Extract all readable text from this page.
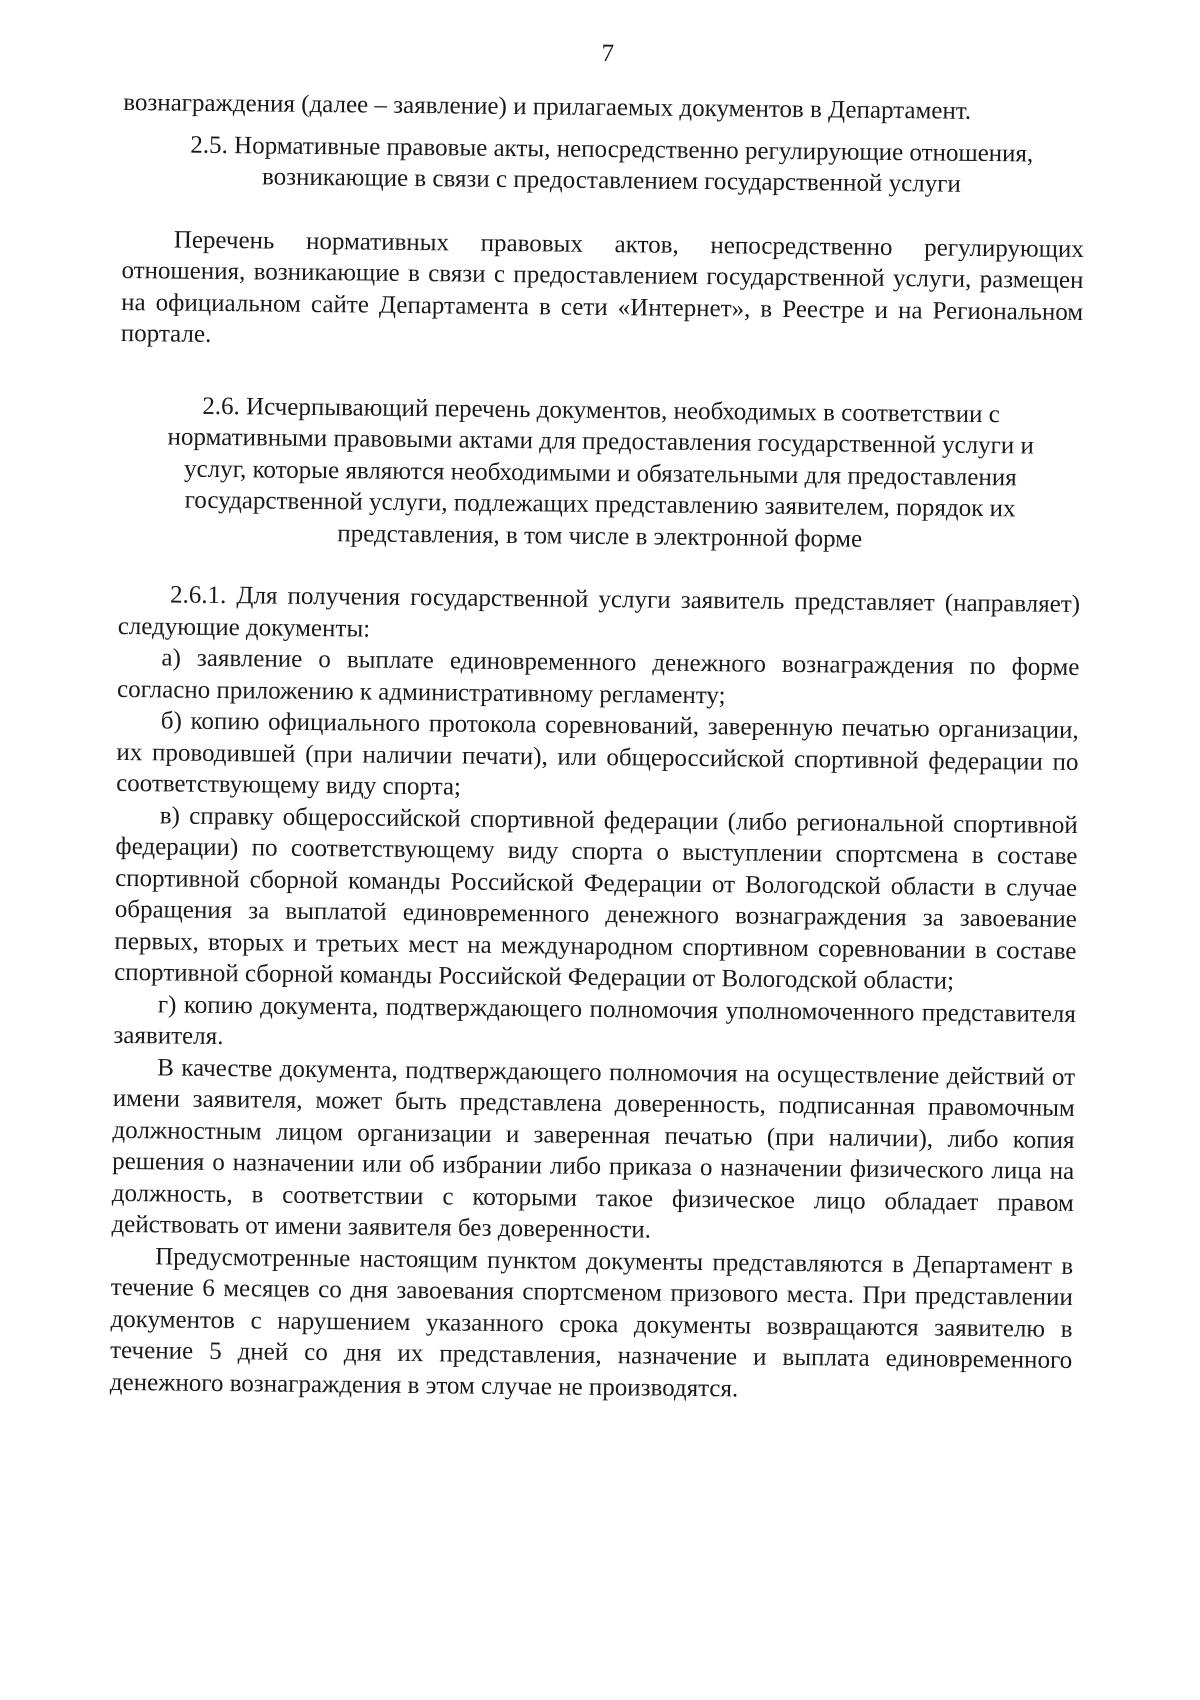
7

вознаграждения (далее – заявление) и прилагаемых документов в Департамент.

2.5. Нормативные правовые акты, непосредственно регулирующие отношения, возникающие в связи с предоставлением государственной услуги

Перечень нормативных правовых актов, непосредственно регулирующих отношения, возникающие в связи с предоставлением государственной услуги, размещен на официальном сайте Департамента в сети «Интернет», в Реестре и на Региональном портале.

2.6. Исчерпывающий перечень документов, необходимых в соответствии с нормативными правовыми актами для предоставления государственной услуги и услуг, которые являются необходимыми и обязательными для предоставления государственной услуги, подлежащих представлению заявителем, порядок их представления, в том числе в электронной форме

2.6.1. Для получения государственной услуги заявитель представляет (направляет) следующие документы:

а) заявление о выплате единовременного денежного вознаграждения по форме согласно приложению к административному регламенту;

б) копию официального протокола соревнований, заверенную печатью организации, их проводившей (при наличии печати), или общероссийской спортивной федерации по соответствующему виду спорта;

в) справку общероссийской спортивной федерации (либо региональной спортивной федерации) по соответствующему виду спорта о выступлении спортсмена в составе спортивной сборной команды Российской Федерации от Вологодской области в случае обращения за выплатой единовременного денежного вознаграждения за завоевание первых, вторых и третьих мест на международном спортивном соревновании в составе спортивной сборной команды Российской Федерации от Вологодской области;

г) копию документа, подтверждающего полномочия уполномоченного представителя заявителя.

В качестве документа, подтверждающего полномочия на осуществление действий от имени заявителя, может быть представлена доверенность, подписанная правомочным должностным лицом организации и заверенная печатью (при наличии), либо копия решения о назначении или об избрании либо приказа о назначении физического лица на должность, в соответствии с которыми такое физическое лицо обладает правом действовать от имени заявителя без доверенности.

Предусмотренные настоящим пунктом документы представляются в Департамент в течение 6 месяцев со дня завоевания спортсменом призового места. При представлении документов с нарушением указанного срока документы возвращаются заявителю в течение 5 дней со дня их представления, назначение и выплата единовременного денежного вознаграждения в этом случае не производятся.
